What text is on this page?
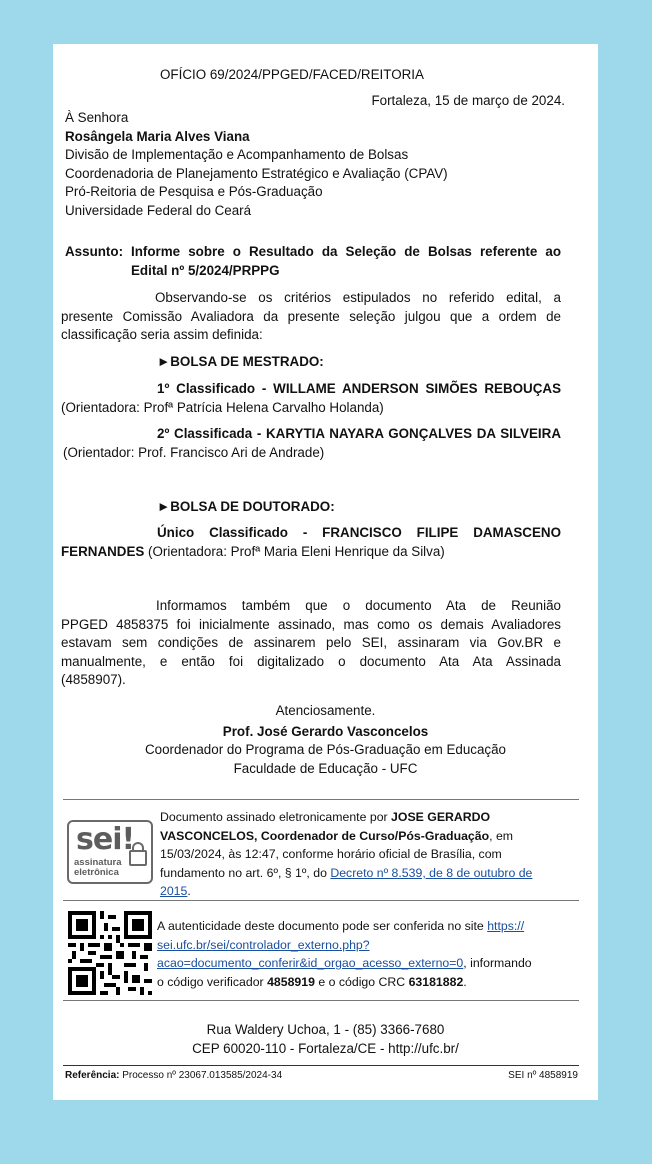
OFÍCIO 69/2024/PPGED/FACED/REITORIA
Fortaleza, 15 de março de 2024.
À Senhora
Rosângela Maria Alves Viana
Divisão de Implementação e Acompanhamento de Bolsas
Coordenadoria de Planejamento Estratégico e Avaliação (CPAV)
Pró-Reitoria de Pesquisa e Pós-Graduação
Universidade Federal do Ceará
Assunto: Informe sobre o Resultado da Seleção de Bolsas referente ao
Edital nº 5/2024/PRPPG
Observando-se os critérios estipulados no referido edital, a
presente Comissão Avaliadora da presente seleção julgou que a ordem de
classificação seria assim definida:
►BOLSA DE MESTRADO:
1º Classificado - WILLAME ANDERSON SIMÕES REBOUÇAS
(Orientadora: Profª Patrícia Helena Carvalho Holanda)
2º Classificada - KARYTIA NAYARA GONÇALVES DA SILVEIRA
(Orientador: Prof. Francisco Ari de Andrade)
►BOLSA DE DOUTORADO:
Único Classificado - FRANCISCO FILIPE DAMASCENO
FERNANDES (Orientadora: Profª Maria Eleni Henrique da Silva)
Informamos também que o documento Ata de Reunião
PPGED 4858375 foi inicialmente assinado, mas como os demais Avaliadores
estavam sem condições de assinarem pelo SEI, assinaram via Gov.BR e
manualmente, e então foi digitalizado o documento Ata Ata Assinada
(4858907).
Atenciosamente.
Prof. José Gerardo Vasconcelos
Coordenador do Programa de Pós-Graduação em Educação
Faculdade de Educação - UFC
sei!
assinatura
eletrônica
Documento assinado eletronicamente por JOSE GERARDO
VASCONCELOS, Coordenador de Curso/Pós-Graduação, em
15/03/2024, às 12:47, conforme horário oficial de Brasília, com
fundamento no art. 6º, § 1º, do Decreto nº 8.539, de 8 de outubro de
2015.
A autenticidade deste documento pode ser conferida no site https://
sei.ufc.br/sei/controlador_externo.php?
acao=documento_conferir&id_orgao_acesso_externo=0, informando
o código verificador 4858919 e o código CRC 63181882.
Rua Waldery Uchoa, 1 - (85) 3366-7680
CEP 60020-110 - Fortaleza/CE - http://ufc.br/
Referência: Processo nº 23067.013585/2024-34	SEI nº 4858919
